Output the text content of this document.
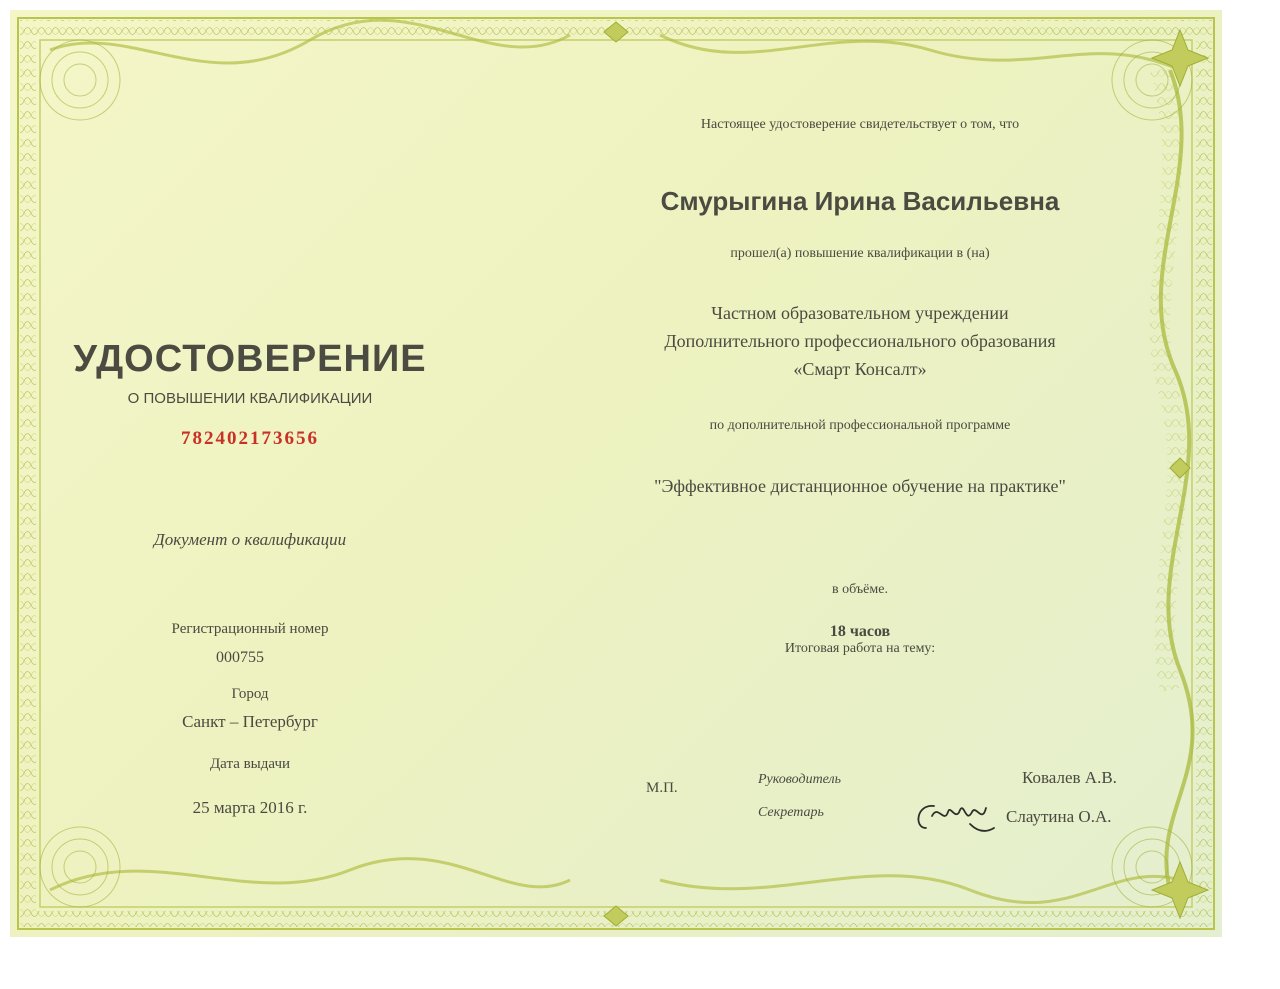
УДОСТОВЕРЕНИЕ
О ПОВЫШЕНИИ КВАЛИФИКАЦИИ
782402173656
Документ о квалификации
Регистрационный номер
000755
Город
Санкт – Петербург
Дата выдачи
25 марта 2016 г.
Настоящее удостоверение свидетельствует о том, что
Смурыгина Ирина Васильевна
прошел(а) повышение квалификации в (на)
Частном образовательном учреждении
Дополнительного профессионального образования
«Смарт Консалт»
по дополнительной профессиональной программе
"Эффективное дистанционное обучение на практике"
в объёме.
18 часов
Итоговая работа на тему:
М.П.
Руководитель	Ковалев А.В.
Секретарь	Слаутина О.А.
